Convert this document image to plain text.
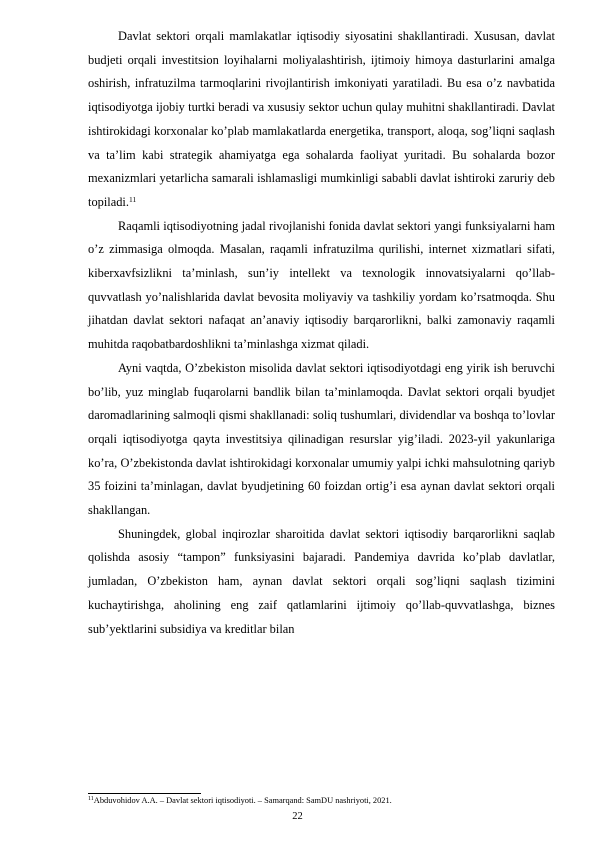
Davlat sektori orqali mamlakatlar iqtisodiy siyosatini shakllantiradi. Xususan, davlat budjeti orqali investitsion loyihalarni moliyalashtirish, ijtimoiy himoya dasturlarini amalga oshirish, infratuzilma tarmoqlarini rivojlantirish imkoniyati yaratiladi. Bu esa o’z navbatida iqtisodiyotga ijobiy turtki beradi va xususiy sektor uchun qulay muhitni shakllantiradi. Davlat ishtirokidagi korxonalar ko’plab mamlakatlarda energetika, transport, aloqa, sog’liqni saqlash va ta’lim kabi strategik ahamiyatga ega sohalarda faoliyat yuritadi. Bu sohalarda bozor mexanizmlari yetarlicha samarali ishlamasligi mumkinligi sababli davlat ishtiroki zaruriy deb topiladi.$^{11}$

Raqamli iqtisodiyotning jadal rivojlanishi fonida davlat sektori yangi funksiyalarni ham o’z zimmasiga olmoqda. Masalan, raqamli infratuzilma qurilishi, internet xizmatlari sifati, kiberxavfsizlikni ta’minlash, sun’iy intellekt va texnologik innovatsiyalarni qo’llab-quvvatlash yo’nalishlarida davlat bevosita moliyaviy va tashkiliy yordam ko’rsatmoqda. Shu jihatdan davlat sektori nafaqat an’anaviy iqtisodiy barqarorlikni, balki zamonaviy raqamli muhitda raqobatbardoshlikni ta’minlashga xizmat qiladi.

Ayni vaqtda, O’zbekiston misolida davlat sektori iqtisodiyotdagi eng yirik ish beruvchi bo’lib, yuz minglab fuqarolarni bandlik bilan ta’minlamoqda. Davlat sektori orqali byudjet daromadlarining salmoqli qismi shakllanadi: soliq tushumlari, dividendlar va boshqa to’lovlar orqali iqtisodiyotga qayta investitsiya qilinadigan resurslar yig’iladi. 2023-yil yakunlariga ko’ra, O’zbekistonda davlat ishtirokidagi korxonalar umumiy yalpi ichki mahsulotning qariyb 35 foizini ta’minlagan, davlat byudjetining 60 foizdan ortig’i esa aynan davlat sektori orqali shakllangan.

Shuningdek, global inqirozlar sharoitida davlat sektori iqtisodiy barqarorlikni saqlab qolishda asosiy “tampon” funksiyasini bajaradi. Pandemiya davrida ko’plab davlatlar, jumladan, O’zbekiston ham, aynan davlat sektori orqali sog’liqni saqlash tizimini kuchaytirishga, aholining eng zaif qatlamlarini ijtimoiy qo’llab-quvvatlashga, biznes sub’yektlarini subsidiya va kreditlar bilan

$^{11}$Abduvohidov A.A. – Davlat sektori iqtisodiyoti. – Samarqand: SamDU nashriyoti, 2021.
22
